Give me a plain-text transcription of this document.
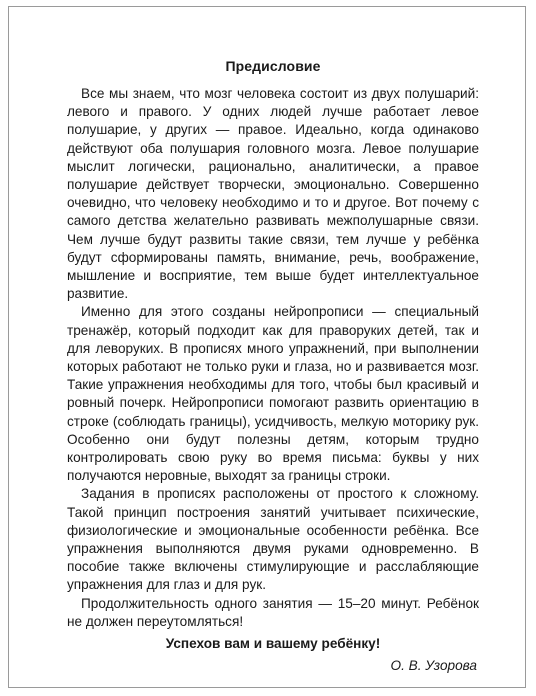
Предисловие

Все мы знаем, что мозг человека состоит из двух полушарий: левого и правого. У одних людей лучше работает левое полушарие, у других — правое. Идеально, когда одинаково действуют оба полушария головного мозга. Левое полушарие мыслит логически, рационально, аналитически, а правое полушарие действует творчески, эмоционально. Совершенно очевидно, что человеку необходимо и то и другое. Вот почему с самого детства желательно развивать межполушарные связи. Чем лучше будут развиты такие связи, тем лучше у ребёнка будут сформированы память, внимание, речь, воображение, мышление и восприятие, тем выше будет интеллектуальное развитие.

Именно для этого созданы нейропрописи — специальный тренажёр, который подходит как для праворуких детей, так и для леворуких. В прописях много упражнений, при выполнении которых работают не только руки и глаза, но и развивается мозг. Такие упражнения необходимы для того, чтобы был красивый и ровный почерк. Нейропрописи помогают развить ориентацию в строке (соблюдать границы), усидчивость, мелкую моторику рук. Особенно они будут полезны детям, которым трудно контролировать свою руку во время письма: буквы у них получаются неровные, выходят за границы строки.

Задания в прописях расположены от простого к сложному. Такой принцип построения занятий учитывает психические, физиологические и эмоциональные особенности ребёнка. Все упражнения выполняются двумя руками одновременно. В пособие также включены стимулирующие и расслабляющие упражнения для глаз и для рук.

Продолжительность одного занятия — 15–20 минут. Ребёнок не должен переутомляться!

Успехов вам и вашему ребёнку!

О. В. Узорова
